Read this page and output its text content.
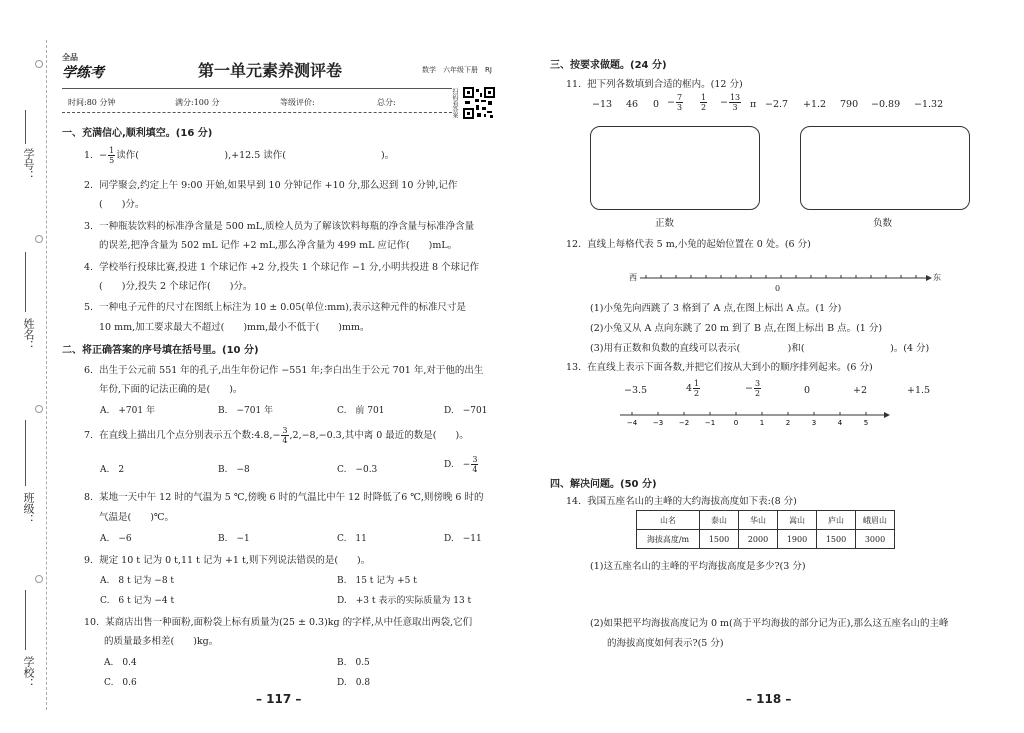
学号：
姓名：
班级：
学校：
全品
学练考	第一单元素养测评卷	数学　六年级下册　RJ
时间:80 分钟	满分:100 分	等级评价:	总分:	扫码看答案
一、充满信心,顺利填空。(16 分)
1. − $\frac{1}{5}$ 读作(　　　　　　　　　),+12.5 读作(　　　　　　　　　　)。
2. 同学聚会,约定上午 9:00 开始,如果早到 10 分钟记作 +10 分,那么迟到 10 分钟,记作
(　　)分。
3. 一种瓶装饮料的标准净含量是 500 mL,质检人员为了解该饮料每瓶的净含量与标准净含量
的误差,把净含量为 502 mL 记作 +2 mL,那么净含量为 499 mL 应记作(　　)mL。
4. 学校举行投球比赛,投进 1 个球记作 +2 分,投失 1 个球记作 −1 分,小明共投进 8 个球记作
(　　)分,投失 2 个球记作(　　)分。
5. 一种电子元件的尺寸在图纸上标注为 10 ± 0.05(单位:mm),表示这种元件的标准尺寸是
10 mm,加工要求最大不超过(　　)mm,最小不低于(　　)mm。
二、将正确答案的序号填在括号里。(10 分)
6. 出生于公元前 551 年的孔子,出生年份记作 −551 年;李白出生于公元 701 年,对于他的出生
年份,下面的记法正确的是(　　)。
A.　+701 年	B.　−701 年	C.　前 701	D.　−701
7. 在直线上描出几个点分别表示五个数:4.8,− $\frac{3}{4} ,2,-8,-0.3$,其中离 0 最近的数是(　　)。
A.　2	B.　−8	C.　−0.3	D.　− $\frac{3}{4}$
8. 某地一天中午 12 时的气温为 5 ℃,傍晚 6 时的气温比中午 12 时降低了6 ℃,则傍晚 6 时的
气温是(　　)℃。
A.　−6	B.　−1	C.　11	D.　−11
9. 规定 10 t 记为 0 t,11 t 记为 +1 t,则下列说法错误的是(　　)。
A.　8 t 记为 −8 t	B.　15 t 记为 +5 t
C.　6 t 记为 −4 t	D.　+3 t 表示的实际质量为 13 t
10. 某商店出售一种面粉,面粉袋上标有质量为(25 ± 0.3)kg 的字样,从中任意取出两袋,它们
的质量最多相差(　　)kg。
A.　0.4	B.　0.5
C.　0.6	D.　0.8
– 117 –
三、按要求做题。(24 分)
11. 把下列各数填到合适的框内。(12 分)
−13 46 $0 - \frac{7}{3} \frac{1}{2} - \frac{13}{3}$ π −2.7 +1.2 790 −0.89 −1.32
正数	负数
12. 直线上每格代表 5 m,小兔的起始位置在 0 处。(6 分)
西	东
0
(1)小兔先向西跳了 3 格到了 A 点,在图上标出 A 点。(1 分)
(2)小兔又从 A 点向东跳了 20 m 到了 B 点,在图上标出 B 点。(1 分)
(3)用有正数和负数的直线可以表示(　　　　　)和(　　　　　　　　　)。(4 分)
13. 在直线上表示下面各数,并把它们按从大到小的顺序排列起来。(6 分)
−3.5	$4 \frac{1}{2}$	− $\frac{3}{2}$	0	+2	+1.5
−4 −3 −2 −1	0	1	2	3	4	5
四、解决问题。(50 分)
14. 我国五座名山的主峰的大约海拔高度如下表:(8 分)
山名	泰山	华山	嵩山	庐山	峨眉山
海拔高度/m	1500	2000	1900	1500	3000
(1)这五座名山的主峰的平均海拔高度是多少?(3 分)
(2)如果把平均海拔高度记为 0 m(高于平均海拔的部分记为正),那么这五座名山的主峰
的海拔高度如何表示?(5 分)
– 118 –
